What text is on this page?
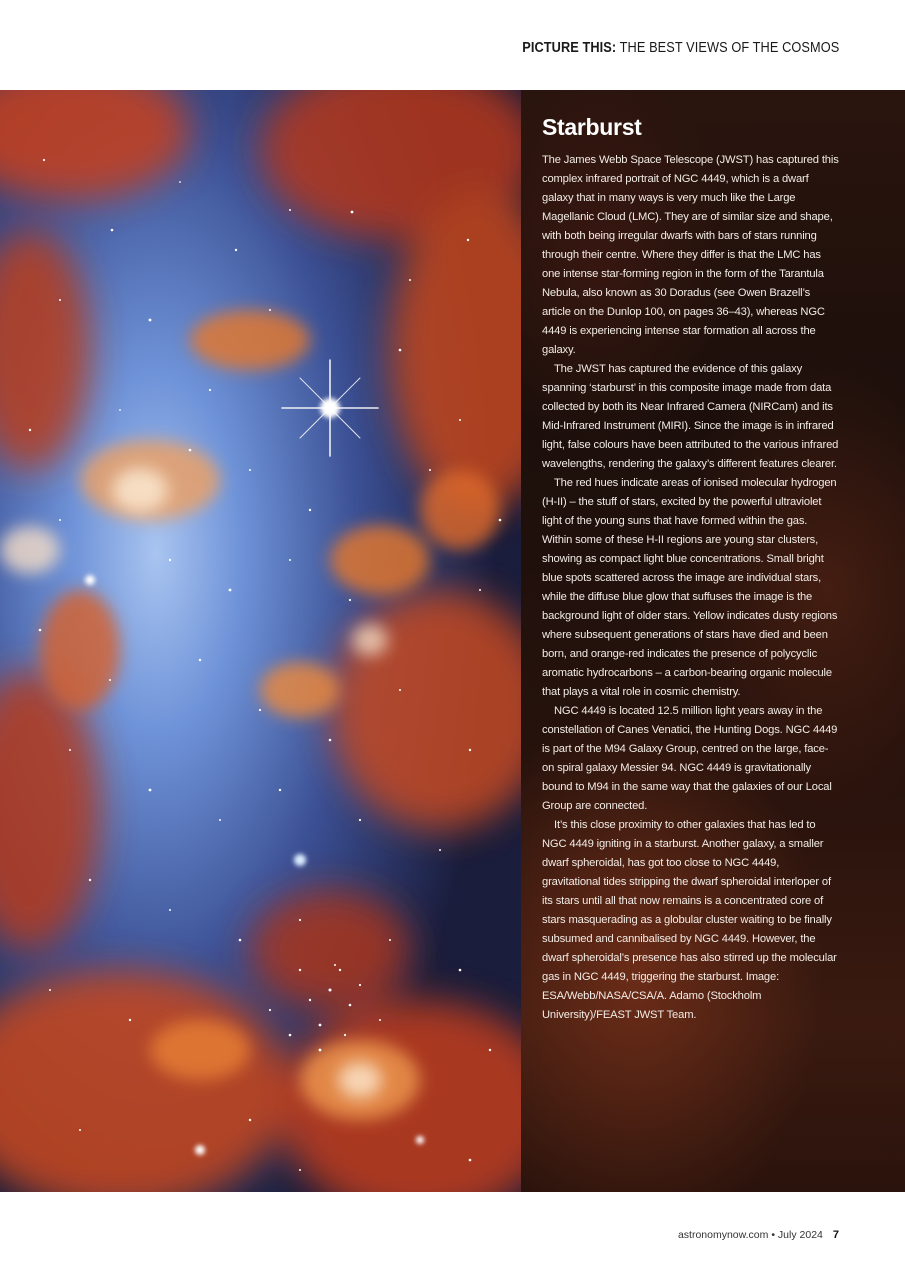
PICTURE THIS: THE BEST VIEWS OF THE COSMOS
Starburst

The James Webb Space Telescope (JWST) has captured this complex infrared portrait of NGC 4449, which is a dwarf galaxy that in many ways is very much like the Large Magellanic Cloud (LMC). They are of similar size and shape, with both being irregular dwarfs with bars of stars running through their centre. Where they differ is that the LMC has one intense star-forming region in the form of the Tarantula Nebula, also known as 30 Doradus (see Owen Brazell’s article on the Dunlop 100, on pages 36–43), whereas NGC 4449 is experiencing intense star formation all across the galaxy.

The JWST has captured the evidence of this galaxy spanning ‘starburst’ in this composite image made from data collected by both its Near Infrared Camera (NIRCam) and its Mid-Infrared Instrument (MIRI). Since the image is in infrared light, false colours have been attributed to the various infrared wavelengths, rendering the galaxy’s different features clearer.

The red hues indicate areas of ionised molecular hydrogen (H-II) – the stuff of stars, excited by the powerful ultraviolet light of the young suns that have formed within the gas. Within some of these H-II regions are young star clusters, showing as compact light blue concentrations. Small bright blue spots scattered across the image are individual stars, while the diffuse blue glow that suffuses the image is the background light of older stars. Yellow indicates dusty regions where subsequent generations of stars have died and been born, and orange-red indicates the presence of polycyclic aromatic hydrocarbons – a carbon-bearing organic molecule that plays a vital role in cosmic chemistry.

NGC 4449 is located 12.5 million light years away in the constellation of Canes Venatici, the Hunting Dogs. NGC 4449 is part of the M94 Galaxy Group, centred on the large, face-on spiral galaxy Messier 94. NGC 4449 is gravitationally bound to M94 in the same way that the galaxies of our Local Group are connected.

It’s this close proximity to other galaxies that has led to NGC 4449 igniting in a starburst. Another galaxy, a smaller dwarf spheroidal, has got too close to NGC 4449, gravitational tides stripping the dwarf spheroidal interloper of its stars until all that now remains is a concentrated core of stars masquerading as a globular cluster waiting to be finally subsumed and cannibalised by NGC 4449. However, the dwarf spheroidal’s presence has also stirred up the molecular gas in NGC 4449, triggering the starburst. Image: ESA/Webb/NASA/CSA/A. Adamo (Stockholm University)/FEAST JWST Team.

astronomynow.com • July 2024 7
